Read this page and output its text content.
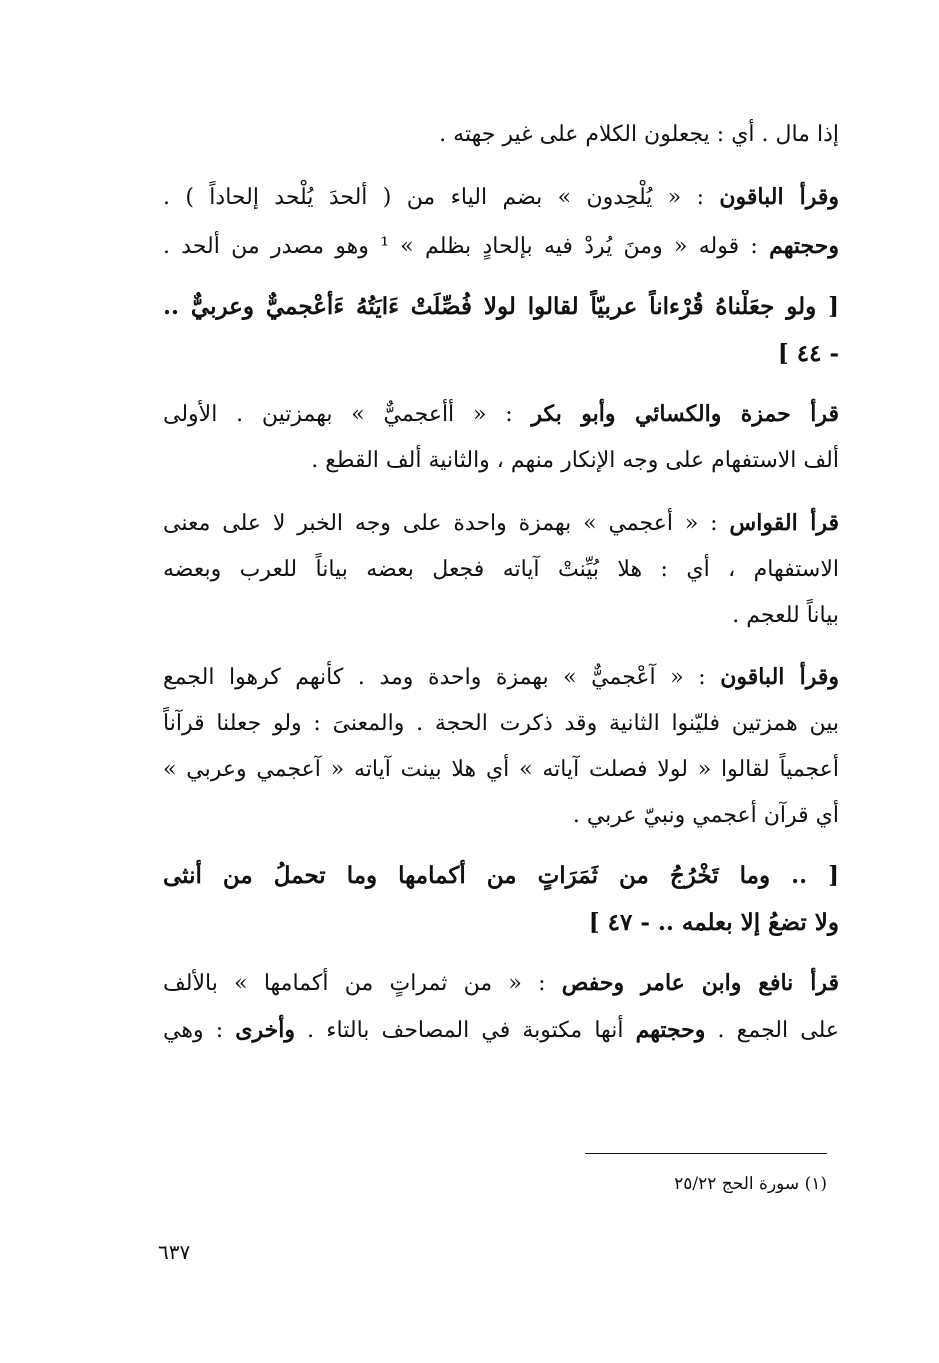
إذا مال . أي : يجعلون الكلام على غير جهته .
وقرأ الباقون : « يُلْحِدون » بضم الياء من ( ألحدَ يُلْحد إلحاداً ) .
وحجتهم : قوله « ومنَ يُردْ فيه بإلحادٍ بظلم » ¹ وهو مصدر من ألحد .
[ ولو جعَلْناهُ قُرْءاناً عربيّاً لقالوا لولا فُصِّلَتْ ءَايَتُهُ ءَأعْجميٌّ وعربيٌّ ..
- ٤٤ ]
قرأ حمزة والكسائي وأبو بكر : « أأعجميٌّ » بهمزتين . الأولى
ألف الاستفهام على وجه الإنكار منهم ، والثانية ألف القطع .
قرأ القواس : « أعجمي » بهمزة واحدة على وجه الخبر لا على معنى
الاستفهام ، أي : هلا بُيِّنتْ آياته فجعل بعضه بياناً للعرب وبعضه
بياناً للعجم .
وقرأ الباقون : « آعْجميٌّ » بهمزة واحدة ومد . كأنهم كرهوا الجمع
بين همزتين فليّنوا الثانية وقد ذكرت الحجة . والمعنىَ : ولو جعلنا قرآناً
أعجمياً لقالوا « لولا فصلت آياته » أي هلا بينت آياته « آعجمي وعربي »
أي قرآن أعجمي ونبيّ عربي .
[ .. وما تَخْرُجُ من ثَمَرَاتٍ من أكمامها وما تحملُ من أنثى
ولا تضعُ إلا بعلمه .. - ٤٧ ]
قرأ نافع وابن عامر وحفص : « من ثمراتٍ من أكمامها » بالألف
على الجمع . وحجتهم أنها مكتوبة في المصاحف بالتاء . وأخرى : وهي
(١) سورة الحج ٢٥/٢٢
٦٣٧
